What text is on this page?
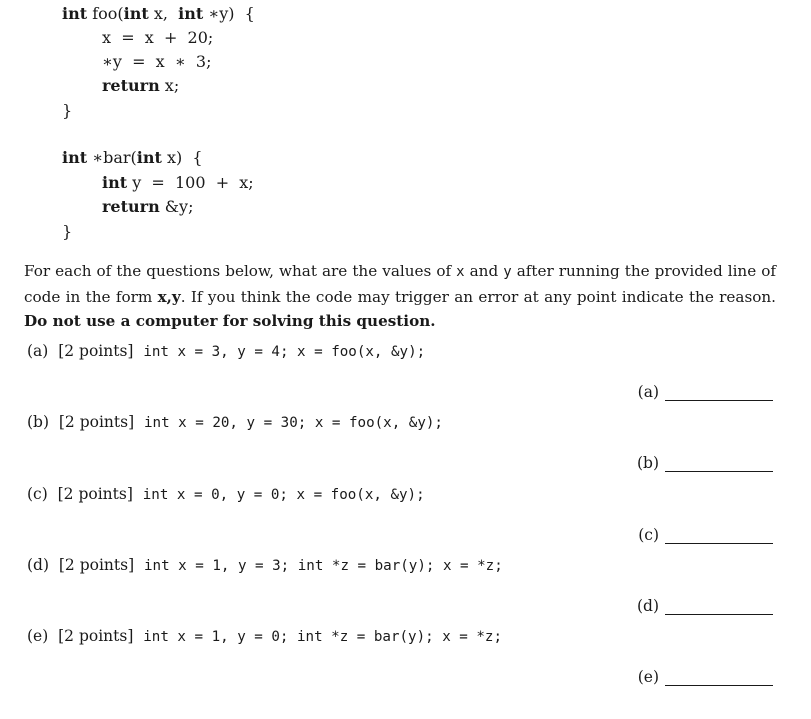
int foo(int x,  int ∗y)  {
x  =  x  +  20;
∗y  =  x  ∗  3;
return x;
}
int ∗bar(int x)  {
int y  =  100  +  x;
return &y;
}
For each of the questions below, what are the values of x and y after running the provided line of code in the form x,y. If you think the code may trigger an error at any point indicate the reason. Do not use a computer for solving this question.
(a)  [2 points] int x = 3, y = 4; x = foo(x, &y);
(a)
(b)  [2 points] int x = 20, y = 30; x = foo(x, &y);
(b)
(c)  [2 points] int x = 0, y = 0; x = foo(x, &y);
(c)
(d)  [2 points] int x = 1, y = 3; int *z = bar(y); x = *z;
(d)
(e)  [2 points] int x = 1, y = 0; int *z = bar(y); x = *z;
(e)
